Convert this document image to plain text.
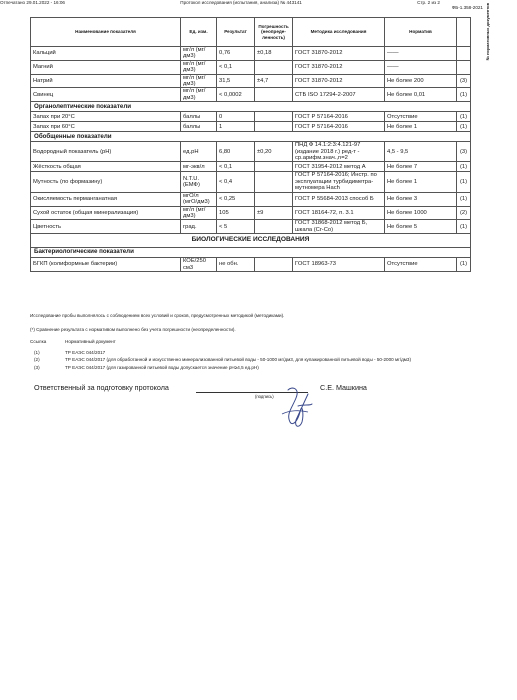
ФБ-1.358-2021
Наименование показателя	Ед. изм.	Результат	Погрешность (неопреде-ленность)	Методика исследования	Норматив	№ нормативных документов
Кальций	мг/л (мг/дм3)	0,76	±0,18	ГОСТ 31870-2012	——	
Магний	мг/л (мг/дм3)	< 0,1		ГОСТ 31870-2012	——	
Натрий	мг/л (мг/дм3)	31,5	±4,7	ГОСТ 31870-2012	Не более 200	(3)
Свинец	мг/л (мг/дм3)	< 0,0002		СТБ ISO 17294-2-2007	Не более 0,01	(1)
Органолептические показатели						
Запах при 20°С	баллы	0		ГОСТ Р 57164-2016	Отсутствие	(1)
Запах при 60°С	баллы	1		ГОСТ Р 57164-2016	Не более 1	(1)
Обобщенные показатели						
Водородный показатель (рН)	ед.рН	6,80	±0,20	ПНД Ф 14.1:2:3:4.121-97 (издание 2018 г.) ред-т - ср.арифм.знач.,n=2	4,5 - 9,5	(3)
Жёсткость общая	мг-экв/л	< 0,1		ГОСТ 31954-2012 метод А	Не более 7	(1)
Мутность (по формазину)	N.T.U. (ЕМФ)	< 0,4		ГОСТ Р 57164-2016; Инстр. по эксплуатации турбидиметра-мутномера Hach	Не более 1	(1)
Окисляемость перманганатная	мгО/л (мгО/дм3)	< 0,25		ГОСТ Р 55684-2013 способ Б	Не более 3	(1)
Сухой остаток (общая минерализация)	мг/л (мг/дм3)	105	±9	ГОСТ 18164-72, п. 3.1	Не более 1000	(2)
Цветность	град.	< 5		ГОСТ 31868-2012 метод Б, шкала (Cr-Co)	Не более 5	(1)
БИОЛОГИЧЕСКИЕ ИССЛЕДОВАНИЯ						
Бактериологические показатели						
БГКП (колиформные бактерии)	КОЕ/250 см3	не обн.		ГОСТ 18963-73	Отсутствие	(1)
Исследование пробы выполнялось с соблюдением всех условий и сроков, предусмотренных методикой (методиками).
(*) Сравнение результата с нормативом выполнено без учета погрешности (неопределенности).
Ссылка	Нормативный документ
(1)	ТР ЕАЭС 044/2017
(2)	ТР ЕАЭС 044/2017 (для обработанной и искусственно минерализованной питьевой воды - 50-1000 мг/дм3, для купажированной питьевой воды - 50-2000 мг/дм3)
(3)	ТР ЕАЭС 044/2017 (для газированной питьевой воды допускается значение рН≥4,5 ед.рН)
Ответственный за подготовку протокола
(подпись)
С.Е. Машкина
Отпечатано 29.01.2022 - 16:06	Протокол исследования (испытания, анализа) № 443141	Стр. 2 из 2
